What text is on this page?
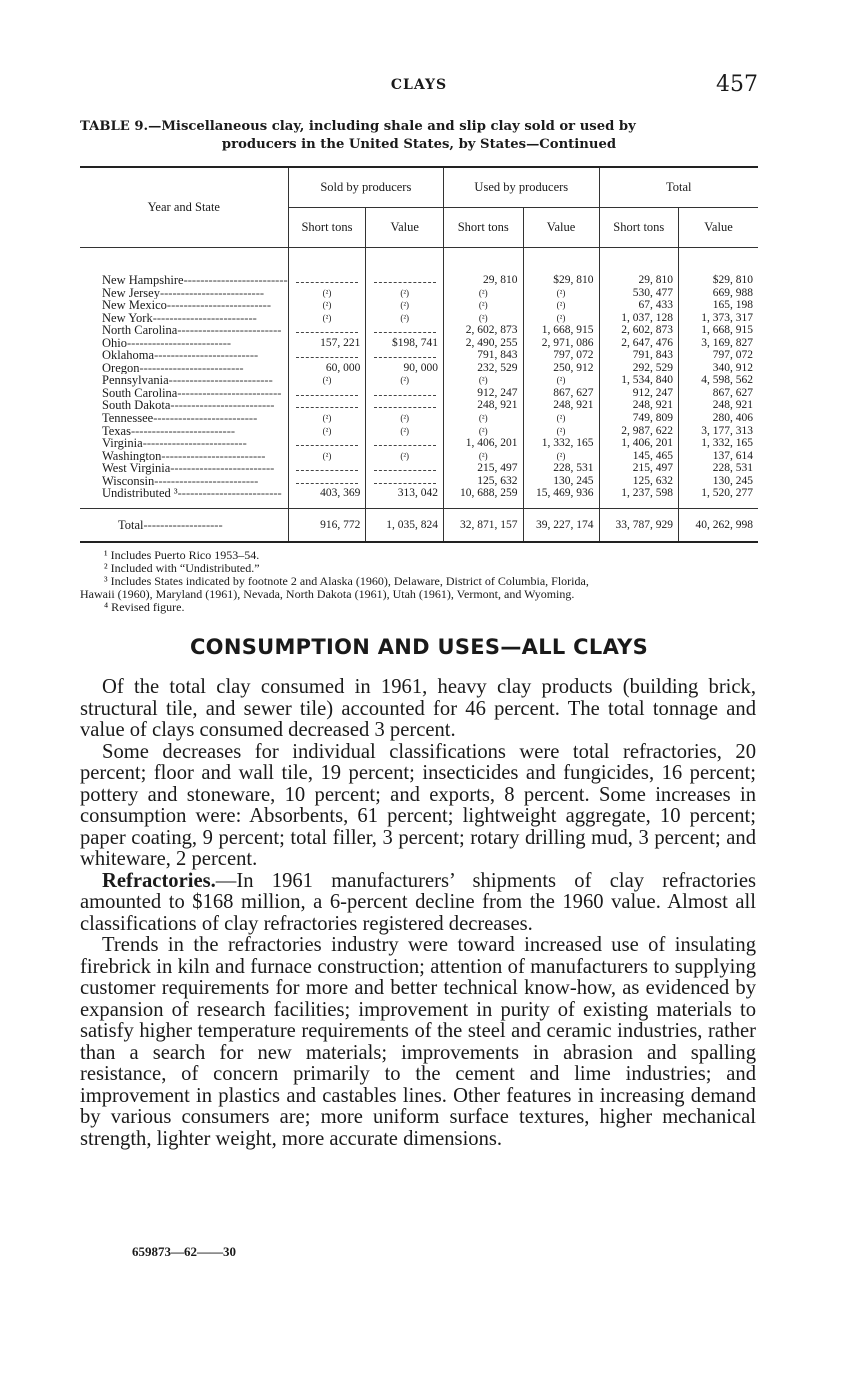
CLAYS	457
TABLE 9.—Miscellaneous clay, including shale and slip clay sold or used by
producers in the United States, by States—Continued
Year and State	Sold by producers		Used by producers		Total	
	Short tons	Value	Short tons	Value	Short tons	Value

New Hampshire-------------------------			29, 810	$29, 810	29, 810	$29, 810
New Jersey-------------------------	(²)	(²)	(²)	(²)	530, 477	669, 988
New Mexico-------------------------	(²)	(²)	(²)	(²)	67, 433	165, 198
New York-------------------------	(²)	(²)	(²)	(²)	1, 037, 128	1, 373, 317
North Carolina-------------------------			2, 602, 873	1, 668, 915	2, 602, 873	1, 668, 915
Ohio-------------------------	157, 221	$198, 741	2, 490, 255	2, 971, 086	2, 647, 476	3, 169, 827
Oklahoma-------------------------			791, 843	797, 072	791, 843	797, 072
Oregon-------------------------	60, 000	90, 000	232, 529	250, 912	292, 529	340, 912
Pennsylvania-------------------------	(²)	(²)	(²)	(²)	1, 534, 840	4, 598, 562
South Carolina-------------------------			912, 247	867, 627	912, 247	867, 627
South Dakota-------------------------			248, 921	248, 921	248, 921	248, 921
Tennessee-------------------------	(²)	(²)	(²)	(²)	749, 809	280, 406
Texas-------------------------	(²)	(²)	(²)	(²)	2, 987, 622	3, 177, 313
Virginia-------------------------			1, 406, 201	1, 332, 165	1, 406, 201	1, 332, 165
Washington-------------------------	(²)	(²)	(²)	(²)	145, 465	137, 614
West Virginia-------------------------			215, 497	228, 531	215, 497	228, 531
Wisconsin-------------------------			125, 632	130, 245	125, 632	130, 245
Undistributed ³-------------------------	403, 369	313, 042	10, 688, 259	15, 469, 936	1, 237, 598	1, 520, 277

Total-------------------	916, 772	1, 035, 824	32, 871, 157	39, 227, 174	33, 787, 929	40, 262, 998
¹ Includes Puerto Rico 1953–54.
² Included with “Undistributed.”
³ Includes States indicated by footnote 2 and Alaska (1960), Delaware, District of Columbia, Florida,
Hawaii (1960), Maryland (1961), Nevada, North Dakota (1961), Utah (1961), Vermont, and Wyoming.
⁴ Revised figure.
CONSUMPTION AND USES—ALL CLAYS

Of the total clay consumed in 1961, heavy clay products (building brick, structural tile, and sewer tile) accounted for 46 percent. The total tonnage and value of clays consumed decreased 3 percent.

Some decreases for individual classifications were total refractories, 20 percent; floor and wall tile, 19 percent; insecticides and fungicides, 16 percent; pottery and stoneware, 10 percent; and exports, 8 percent. Some increases in consumption were: Absorbents, 61 percent; lightweight aggregate, 10 percent; paper coating, 9 percent; total filler, 3 percent; rotary drilling mud, 3 percent; and whiteware, 2 percent.

Refractories.—In 1961 manufacturers’ shipments of clay refractories amounted to $168 million, a 6-percent decline from the 1960 value. Almost all classifications of clay refractories registered decreases.

Trends in the refractories industry were toward increased use of insulating firebrick in kiln and furnace construction; attention of manufacturers to supplying customer requirements for more and better technical know-how, as evidenced by expansion of research facilities; improvement in purity of existing materials to satisfy higher temperature requirements of the steel and ceramic industries, rather than a search for new materials; improvements in abrasion and spalling resistance, of concern primarily to the cement and lime industries; and improvement in plastics and castables lines. Other features in increasing demand by various consumers are; more uniform surface textures, higher mechanical strength, lighter weight, more accurate dimensions.

659873—62——30
